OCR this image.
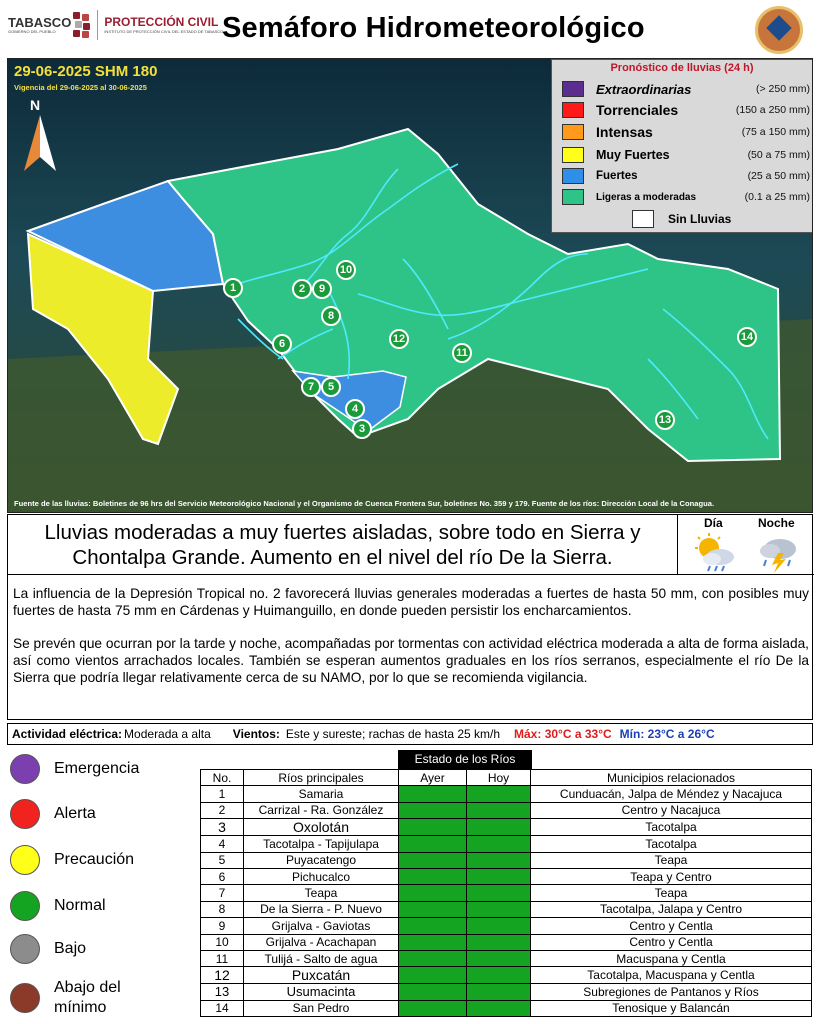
TABASCO
GOBIERNO DEL PUEBLO
PROTECCIÓN CIVIL
INSTITUTO DE PROTECCIÓN CIVIL DEL ESTADO DE TABASCO
Semáforo Hidrometeorológico
29-06-2025 SHM 180
Vigencia del 29-06-2025 al 30-06-2025
N
1	2
3
4
5
6
7
8
9
10
11
12
13
14
Pronóstico de lluvias (24 h)
Extraordinarias	(> 250 mm)
Torrenciales	(150 a 250 mm)
Intensas	(75 a 150 mm)
Muy Fuertes	(50 a 75 mm)
Fuertes	(25 a 50 mm)
Ligeras a moderadas	(0.1 a 25 mm)
Sin Lluvias
Fuente de las lluvias: Boletines de 96 hrs del Servicio Meteorológico Nacional y el Organismo de Cuenca Frontera Sur, boletines No. 359 y 179. Fuente de los ríos: Dirección Local de la Conagua.
Lluvias moderadas a muy fuertes aisladas, sobre todo en Sierra y Chontalpa Grande. Aumento en el nivel del río De la Sierra.
Día	Noche

La influencia de la Depresión Tropical no. 2 favorecerá lluvias generales moderadas a fuertes de hasta 50 mm, con posibles muy fuertes de hasta 75 mm en Cárdenas y Huimanguillo, en donde pueden persistir los encharcamientos.

Se prevén que ocurran por la tarde y noche, acompañadas por tormentas con actividad eléctrica moderada a alta de forma aislada, así como vientos arrachados locales. También se esperan aumentos graduales en los ríos serranos, especialmente el río De la Sierra que podría llegar relativamente cerca de su NAMO, por lo que se recomienda vigilancia.

Actividad eléctrica: Moderada a alta Vientos: Este y sureste; rachas de hasta 25 km/h Máx: 30°C a 33°C Mín: 23°C a 26°C
Emergencia
Alerta
Precaución
Normal
Bajo
Abajo del mínimo
Estado de los Ríos
No.	Ríos principales	Ayer	Hoy	Municipios relacionados
1	Samaria			Cunduacán, Jalpa de Méndez y Nacajuca
2	Carrizal - Ra. González			Centro y Nacajuca
3	Oxolotán			Tacotalpa
4	Tacotalpa - Tapijulapa			Tacotalpa
5	Puyacatengo			Teapa
6	Pichucalco			Teapa y Centro
7	Teapa			Teapa
8	De la Sierra - P. Nuevo			Tacotalpa, Jalapa y Centro
9	Grijalva - Gaviotas			Centro y Centla
10	Grijalva - Acachapan			Centro y Centla
11	Tulijá - Salto de agua			Macuspana y Centla
12	Puxcatán			Tacotalpa, Macuspana y Centla
13	Usumacinta			Subregiones de Pantanos y Ríos
14	San Pedro			Tenosique y Balancán
